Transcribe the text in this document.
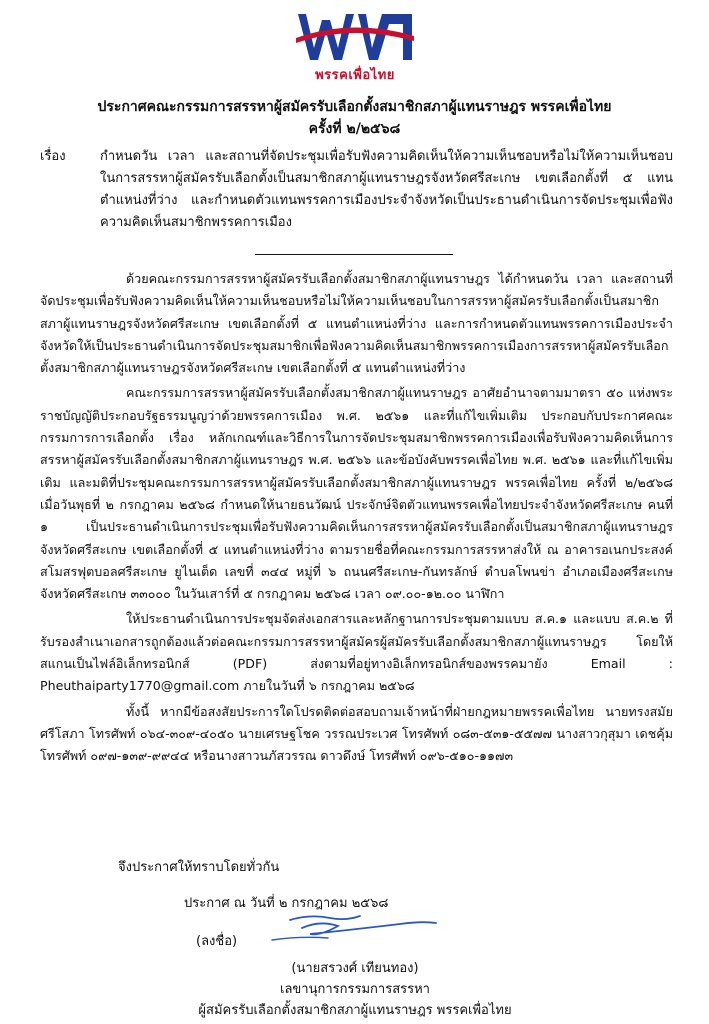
พรรคเพื่อไทย
ประกาศคณะกรรมการสรรหาผู้สมัครรับเลือกตั้งสมาชิกสภาผู้แทนราษฎร พรรคเพื่อไทย
ครั้งที่ ๒/๒๕๖๘
เรื่อง	กำหนดวัน เวลา และสถานที่จัดประชุมเพื่อรับฟังความคิดเห็นให้ความเห็นชอบหรือไม่ให้ความเห็นชอบในการสรรหาผู้สมัครรับเลือกตั้งเป็นสมาชิกสภาผู้แทนราษฎรจังหวัดศรีสะเกษ เขตเลือกตั้งที่ ๕ แทนตำแหน่งที่ว่าง และกำหนดตัวแทนพรรคการเมืองประจำจังหวัดเป็นประธานดำเนินการจัดประชุมเพื่อฟังความคิดเห็นสมาชิกพรรคการเมือง

ด้วยคณะกรรมการสรรหาผู้สมัครรับเลือกตั้งสมาชิกสภาผู้แทนราษฎร ได้กำหนดวัน เวลา และสถานที่จัดประชุมเพื่อรับฟังความคิดเห็นให้ความเห็นชอบหรือไม่ให้ความเห็นชอบในการสรรหาผู้สมัครรับเลือกตั้งเป็นสมาชิกสภาผู้แทนราษฎรจังหวัดศรีสะเกษ เขตเลือกตั้งที่ ๕ แทนตำแหน่งที่ว่าง และการกำหนดตัวแทนพรรคการเมืองประจำจังหวัดให้เป็นประธานดำเนินการจัดประชุมสมาชิกเพื่อฟังความคิดเห็นสมาชิกพรรคการเมืองการสรรหาผู้สมัครรับเลือกตั้งสมาชิกสภาผู้แทนราษฎรจังหวัดศรีสะเกษ เขตเลือกตั้งที่ ๕ แทนตำแหน่งที่ว่าง

คณะกรรมการสรรหาผู้สมัครรับเลือกตั้งสมาชิกสภาผู้แทนราษฎร อาศัยอำนาจตามมาตรา ๕๐ แห่งพระราชบัญญัติประกอบรัฐธรรมนูญว่าด้วยพรรคการเมือง พ.ศ. ๒๕๖๑ และที่แก้ไขเพิ่มเติม ประกอบกับประกาศคณะกรรมการการเลือกตั้ง เรื่อง หลักเกณฑ์และวิธีการในการจัดประชุมสมาชิกพรรคการเมืองเพื่อรับฟังความคิดเห็นการสรรหาผู้สมัครรับเลือกตั้งสมาชิกสภาผู้แทนราษฎร พ.ศ. ๒๕๖๖ และข้อบังคับพรรคเพื่อไทย พ.ศ. ๒๕๖๑ และที่แก้ไขเพิ่มเติม และมติที่ประชุมคณะกรรมการสรรหาผู้สมัครรับเลือกตั้งสมาชิกสภาผู้แทนราษฎร พรรคเพื่อไทย ครั้งที่ ๒/๒๕๖๘ เมื่อวันพุธที่ ๒ กรกฎาคม ๒๕๖๘ กำหนดให้นายธนวัฒน์ ประจักษ์จิตตัวแทนพรรคเพื่อไทยประจำจังหวัดศรีสะเกษ คนที่ ๑ เป็นประธานดำเนินการประชุมเพื่อรับฟังความคิดเห็นการสรรหาผู้สมัครรับเลือกตั้งเป็นสมาชิกสภาผู้แทนราษฎรจังหวัดศรีสะเกษ เขตเลือกตั้งที่ ๕ แทนตำแหน่งที่ว่าง ตามรายชื่อที่คณะกรรมการสรรหาส่งให้ ณ อาคารอเนกประสงค์สโมสรฟุตบอลศรีสะเกษ ยูไนเต็ด เลขที่ ๓๔๔ หมู่ที่ ๖ ถนนศรีสะเกษ-กันทรลักษ์ ตำบลโพนข่า อำเภอเมืองศรีสะเกษ จังหวัดศรีสะเกษ ๓๓๐๐๐ ในวันเสาร์ที่ ๕ กรกฎาคม ๒๕๖๘ เวลา ๐๙.๐๐-๑๒.๐๐ นาฬิกา

ให้ประธานดำเนินการประชุมจัดส่งเอกสารและหลักฐานการประชุมตามแบบ ส.ค.๑ และแบบ ส.ค.๒ ที่รับรองสำเนาเอกสารถูกต้องแล้วต่อคณะกรรมการสรรหาผู้สมัครผู้สมัครรับเลือกตั้งสมาชิกสภาผู้แทนราษฎร โดยให้สแกนเป็นไฟล์อิเล็กทรอนิกส์ (PDF) ส่งตามที่อยู่ทางอิเล็กทรอนิกส์ของพรรคมายัง Email : Pheuthaiparty1770@gmail.com ภายในวันที่ ๖ กรกฎาคม ๒๕๖๘

ทั้งนี้ หากมีข้อสงสัยประการใดโปรดติดต่อสอบถามเจ้าหน้าที่ฝ่ายกฎหมายพรรคเพื่อไทย นายทรงสมัย ศรีโสภา โทรศัพท์ ๐๖๔-๓๐๙-๔๐๕๐ นายเศรษฐโชค วรรณประเวศ โทรศัพท์ ๐๘๓-๕๓๑-๕๕๗๗ นางสาวกุสุมา เดชคุ้ม โทรศัพท์ ๐๙๗-๑๓๙-๙๙๔๔ หรือนางสาวนภัสวรรณ ดาวดึงษ์ โทรศัพท์ ๐๙๖-๕๑๐-๑๑๗๓

จึงประกาศให้ทราบโดยทั่วกัน
ประกาศ ณ วันที่ ๒ กรกฎาคม ๒๕๖๘
(ลงชื่อ)
(นายสรวงศ์ เทียนทอง)
เลขานุการกรรมการสรรหา
ผู้สมัครรับเลือกตั้งสมาชิกสภาผู้แทนราษฎร พรรคเพื่อไทย
